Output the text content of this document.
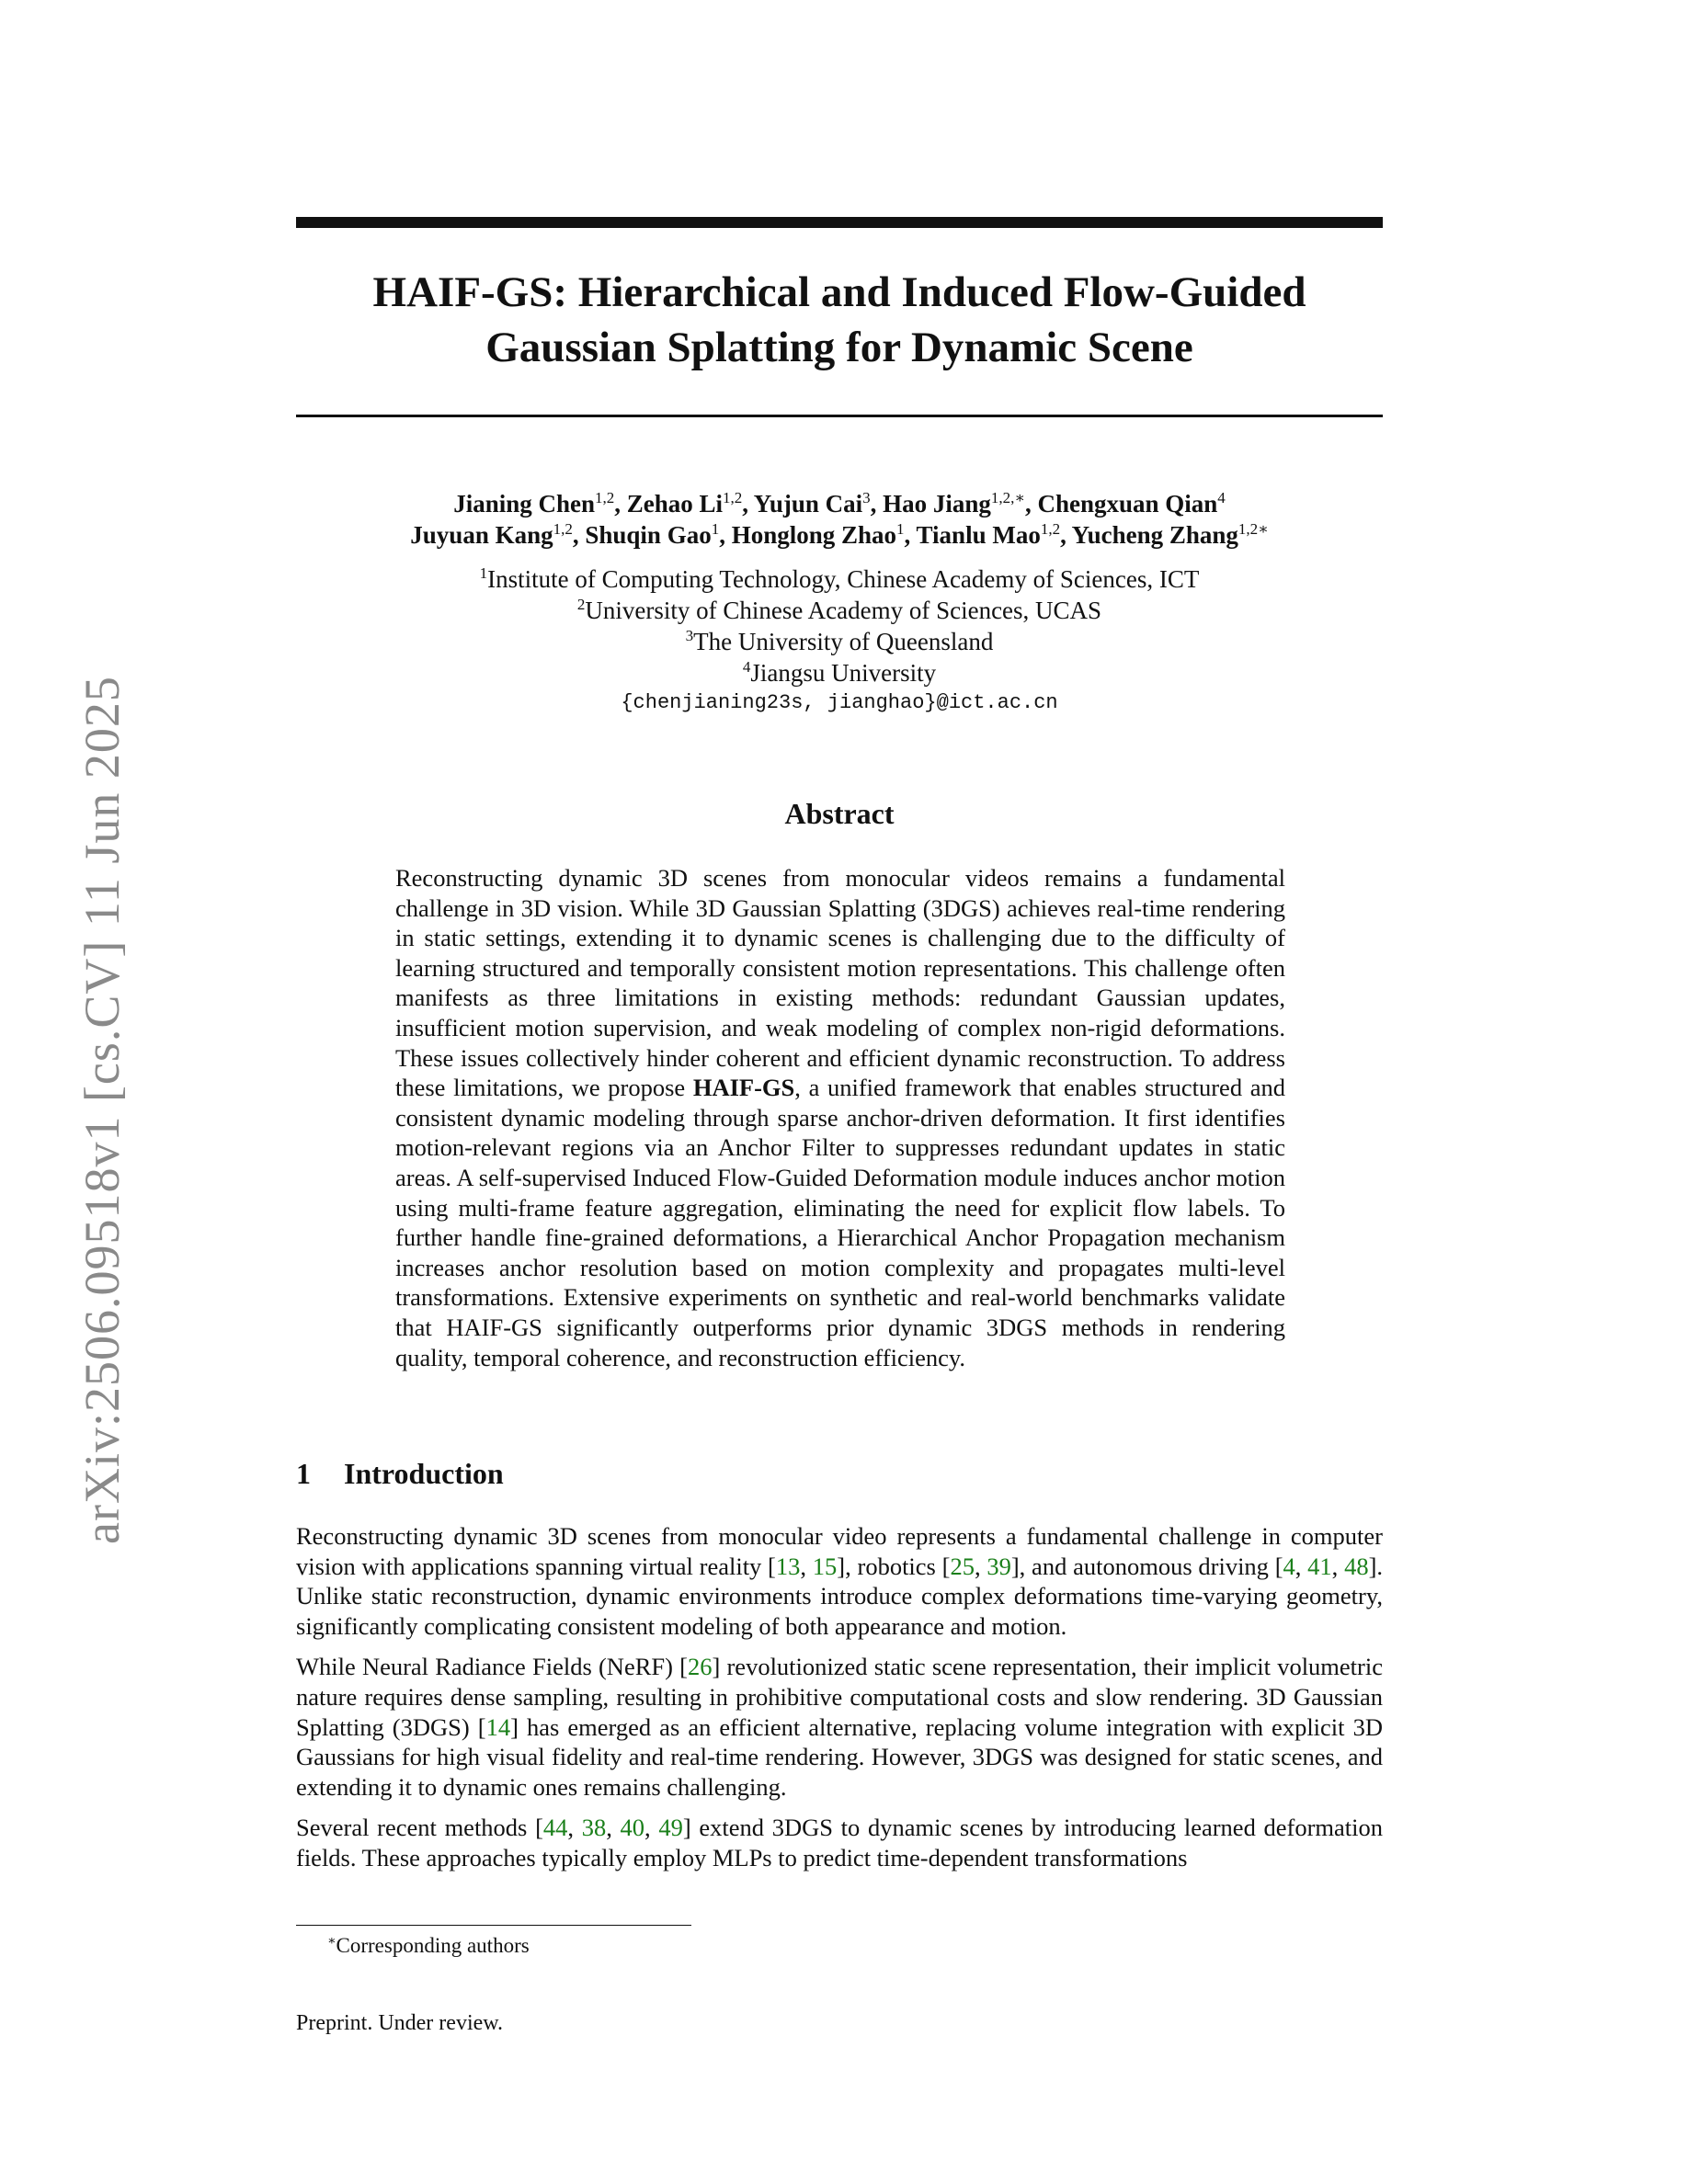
arXiv:2506.09518v1 [cs.CV] 11 Jun 2025
HAIF-GS: Hierarchical and Induced Flow-Guided
Gaussian Splatting for Dynamic Scene
Jianing Chen$^{1,2}$, Zehao Li$^{1,2}$, Yujun Cai$^3$, Hao Jiang$^{1,2,∗}$, Chengxuan Qian$^4$
Juyuan Kang$^{1,2}$, Shuqin Gao$^1$, Honglong Zhao$^1$, Tianlu Mao$^{1,2}$, Yucheng Zhang$^{1,2∗}$
$^1$Institute of Computing Technology, Chinese Academy of Sciences, ICT
$^2$University of Chinese Academy of Sciences, UCAS
$^3$The University of Queensland
$^4$Jiangsu University
{chenjianing23s, jianghao}@ict.ac.cn
Abstract
Reconstructing dynamic 3D scenes from monocular videos remains a fundamental challenge in 3D vision. While 3D Gaussian Splatting (3DGS) achieves real-time rendering in static settings, extending it to dynamic scenes is challenging due to the difficulty of learning structured and temporally consistent motion representations. This challenge often manifests as three limitations in existing methods: redundant Gaussian updates, insufficient motion supervision, and weak modeling of complex non-rigid deformations. These issues collectively hinder coherent and efficient dynamic reconstruction. To address these limitations, we propose HAIF-GS, a unified framework that enables structured and consistent dynamic modeling through sparse anchor-driven deformation. It first identifies motion-relevant regions via an Anchor Filter to suppresses redundant updates in static areas. A self-supervised Induced Flow-Guided Deformation module induces anchor motion using multi-frame feature aggregation, eliminating the need for explicit flow labels. To further handle fine-grained deformations, a Hierarchical Anchor Propagation mechanism increases anchor resolution based on motion complexity and propagates multi-level transformations. Extensive experiments on synthetic and real-world benchmarks validate that HAIF-GS significantly outperforms prior dynamic 3DGS methods in rendering quality, temporal coherence, and reconstruction efficiency.
1 Introduction

Reconstructing dynamic 3D scenes from monocular video represents a fundamental challenge in computer vision with applications spanning virtual reality [13, 15], robotics [25, 39], and autonomous driving [4, 41, 48]. Unlike static reconstruction, dynamic environments introduce complex deformations time-varying geometry, significantly complicating consistent modeling of both appearance and motion.

While Neural Radiance Fields (NeRF) [26] revolutionized static scene representation, their implicit volumetric nature requires dense sampling, resulting in prohibitive computational costs and slow rendering. 3D Gaussian Splatting (3DGS) [14] has emerged as an efficient alternative, replacing volume integration with explicit 3D Gaussians for high visual fidelity and real-time rendering. However, 3DGS was designed for static scenes, and extending it to dynamic ones remains challenging.

Several recent methods [44, 38, 40, 49] extend 3DGS to dynamic scenes by introducing learned deformation fields. These approaches typically employ MLPs to predict time-dependent transformations

∗Corresponding authors
Preprint. Under review.
